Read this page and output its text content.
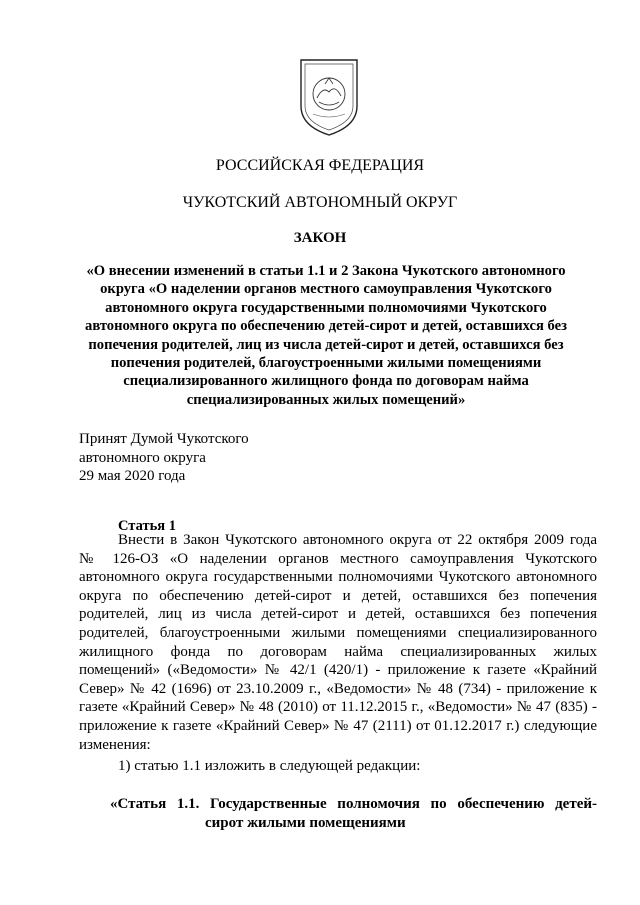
РОССИЙСКАЯ ФЕДЕРАЦИЯ
ЧУКОТСКИЙ АВТОНОМНЫЙ ОКРУГ
ЗАКОН
«О внесении изменений в статьи 1.1 и 2 Закона Чукотского автономного
округа «О наделении органов местного самоуправления Чукотского
автономного округа государственными полномочиями Чукотского
автономного округа по обеспечению детей-сирот и детей, оставшихся без
попечения родителей, лиц из числа детей-сирот и детей, оставшихся без
попечения родителей, благоустроенными жилыми помещениями
специализированного жилищного фонда по договорам найма
специализированных жилых помещений»
Принят Думой Чукотского
автономного округа
29 мая 2020 года
Статья 1
Внести в Закон Чукотского автономного округа от 22 октября 2009 года
№ 126-ОЗ «О наделении органов местного самоуправления Чукотского
автономного округа государственными полномочиями Чукотского автономного
округа по обеспечению детей-сирот и детей, оставшихся без попечения
родителей, лиц из числа детей-сирот и детей, оставшихся без попечения
родителей, благоустроенными жилыми помещениями специализированного
жилищного фонда по договорам найма специализированных жилых
помещений» («Ведомости» № 42/1 (420/1) - приложение к газете «Крайний
Север» № 42 (1696) от 23.10.2009 г., «Ведомости» № 48 (734) - приложение к
газете «Крайний Север» № 48 (2010) от 11.12.2015 г., «Ведомости» № 47 (835) -
приложение к газете «Крайний Север» № 47 (2111) от 01.12.2017 г.) следующие
изменения:
1) статью 1.1 изложить в следующей редакции:
«Статья 1.1. Государственные полномочия по обеспечению детей-
сирот жилыми помещениями
